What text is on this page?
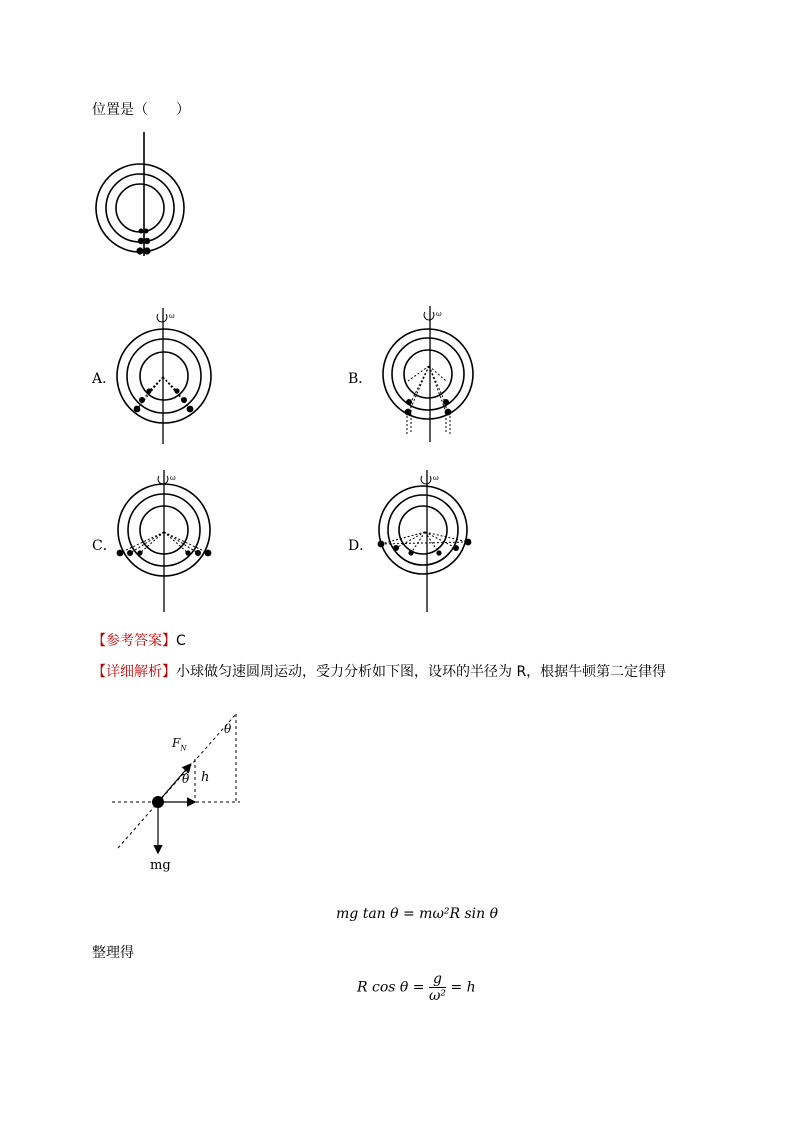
位置是（　　）
A．
ω
B．
ω
C．
ω
D．
ω
【参考答案】C
【详细解析】小球做匀速圆周运动，受力分析如下图，设环的半径为 R，根据牛顿第二定律得
$F_N$
θ
θ
h
mg
mg tan θ = mω²R sin θ
整理得
R $\cos \theta = \frac{g}{\text{ω²}} = h$
